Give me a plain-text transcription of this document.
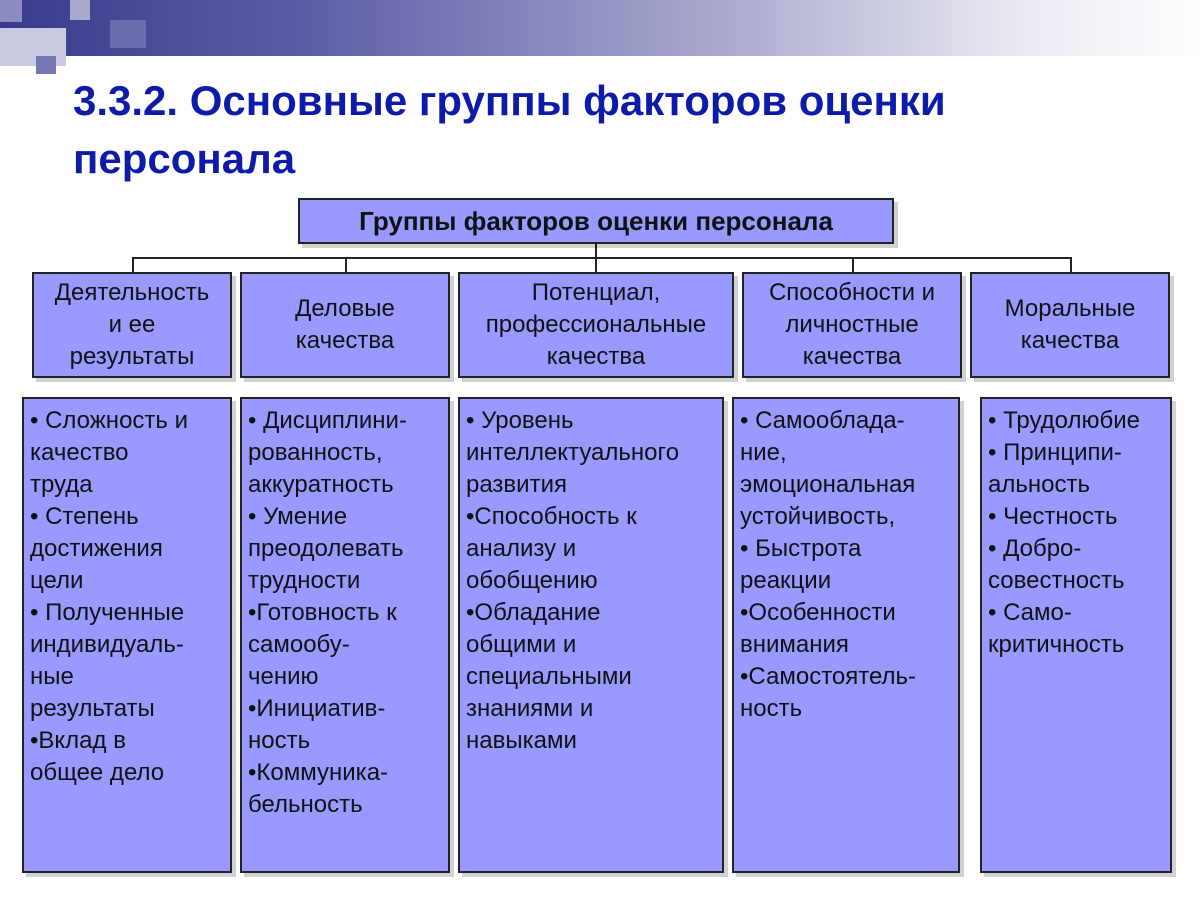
3.3.2. Основные группы факторов оценки персонала
Группы факторов оценки персонала
Деятельность
и ее
результаты
Деловые
качества
Потенциал,
профессиональные
качества
Способности и
личностные
качества
Моральные
качества

• Сложность и
качество
труда
• Степень
достижения
цели
• Полученные
индивидуаль-
ные
результаты
•Вклад в
общее дело

• Дисциплини-
рованность,
аккуратность
• Умение
преодолевать
трудности
•Готовность к
самообу-
чению
•Инициатив-
ность
•Коммуника-
бельность

• Уровень
интеллектуального
развития
•Способность к
анализу и
обобщению
•Обладание
общими и
специальными
знаниями и
навыками

• Самооблада-
ние,
эмоциональная
устойчивость,
• Быстрота
реакции
•Особенности
внимания
•Самостоятель-
ность

• Трудолюбие
• Принципи-
альность
• Честность
• Добро-
совестность
• Само-
критичность
